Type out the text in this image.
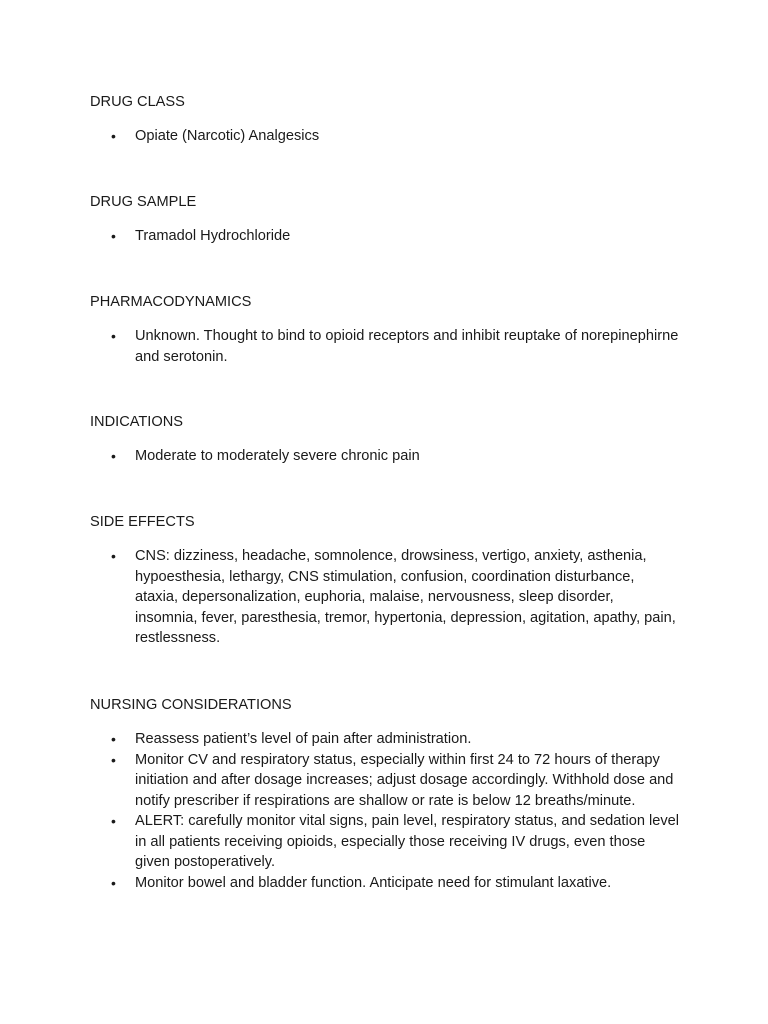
DRUG CLASS
• Opiate (Narcotic) Analgesics
DRUG SAMPLE
• Tramadol Hydrochloride
PHARMACODYNAMICS
• Unknown. Thought to bind to opioid receptors and inhibit reuptake of norepinephirne and serotonin.
INDICATIONS
• Moderate to moderately severe chronic pain
SIDE EFFECTS
• CNS: dizziness, headache, somnolence, drowsiness, vertigo, anxiety, asthenia, hypoesthesia, lethargy, CNS stimulation, confusion, coordination disturbance, ataxia, depersonalization, euphoria, malaise, nervousness, sleep disorder, insomnia, fever, paresthesia, tremor, hypertonia, depression, agitation, apathy, pain, restlessness.
NURSING CONSIDERATIONS
• Reassess patient’s level of pain after administration.
• Monitor CV and respiratory status, especially within first 24 to 72 hours of therapy initiation and after dosage increases; adjust dosage accordingly. Withhold dose and notify prescriber if respirations are shallow or rate is below 12 breaths/minute.
• ALERT: carefully monitor vital signs, pain level, respiratory status, and sedation level in all patients receiving opioids, especially those receiving IV drugs, even those given postoperatively.
• Monitor bowel and bladder function. Anticipate need for stimulant laxative.
